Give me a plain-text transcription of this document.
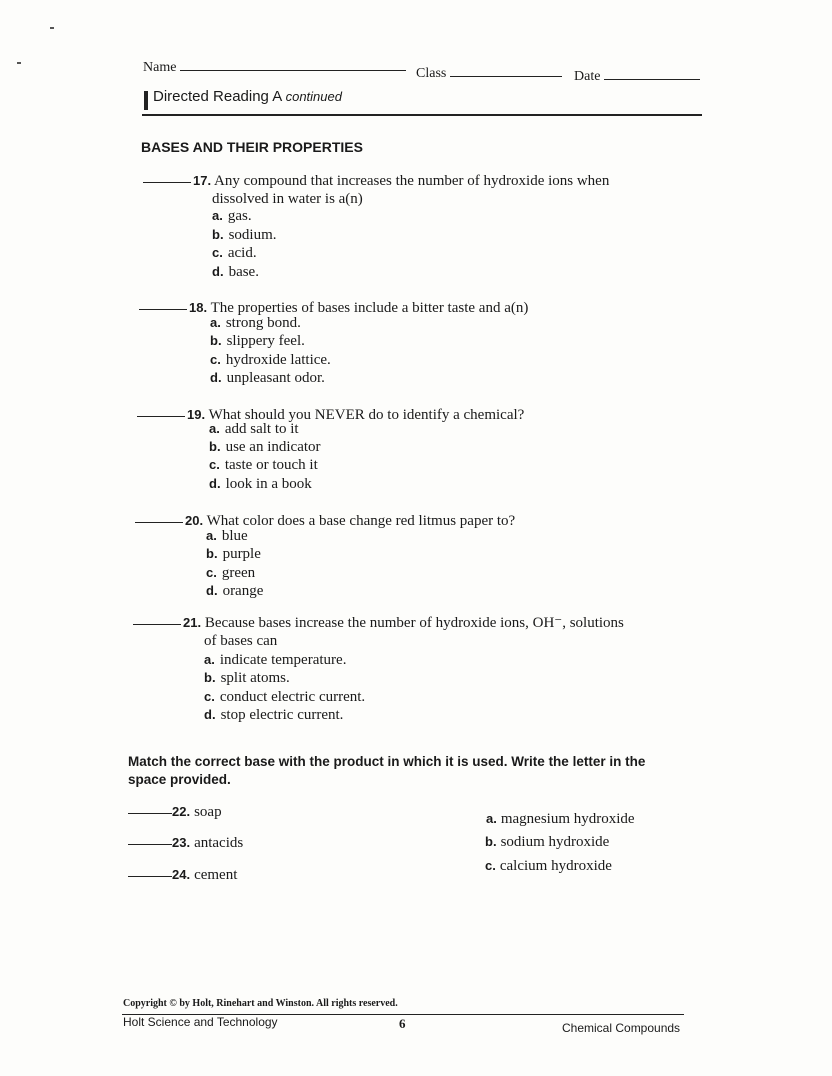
Name	Class	Date
Directed Reading A continued
BASES AND THEIR PROPERTIES
17. Any compound that increases the number of hydroxide ions when
dissolved in water is a(n)
a. gas.
b. sodium.
c. acid.
d. base.
18. The properties of bases include a bitter taste and a(n)
a. strong bond.
b. slippery feel.
c. hydroxide lattice.
d. unpleasant odor.
19. What should you NEVER do to identify a chemical?
a. add salt to it
b. use an indicator
c. taste or touch it
d. look in a book
20. What color does a base change red litmus paper to?
a. blue
b. purple
c. green
d. orange
21. Because bases increase the number of hydroxide ions, OH⁻, solutions
of bases can
a. indicate temperature.
b. split atoms.
c. conduct electric current.
d. stop electric current.
Match the correct base with the product in which it is used. Write the letter in the
space provided.
22. soap
23. antacids
24. cement
a. magnesium hydroxide
b. sodium hydroxide
c. calcium hydroxide
Copyright © by Holt, Rinehart and Winston. All rights reserved.
Holt Science and Technology	6	Chemical Compounds
